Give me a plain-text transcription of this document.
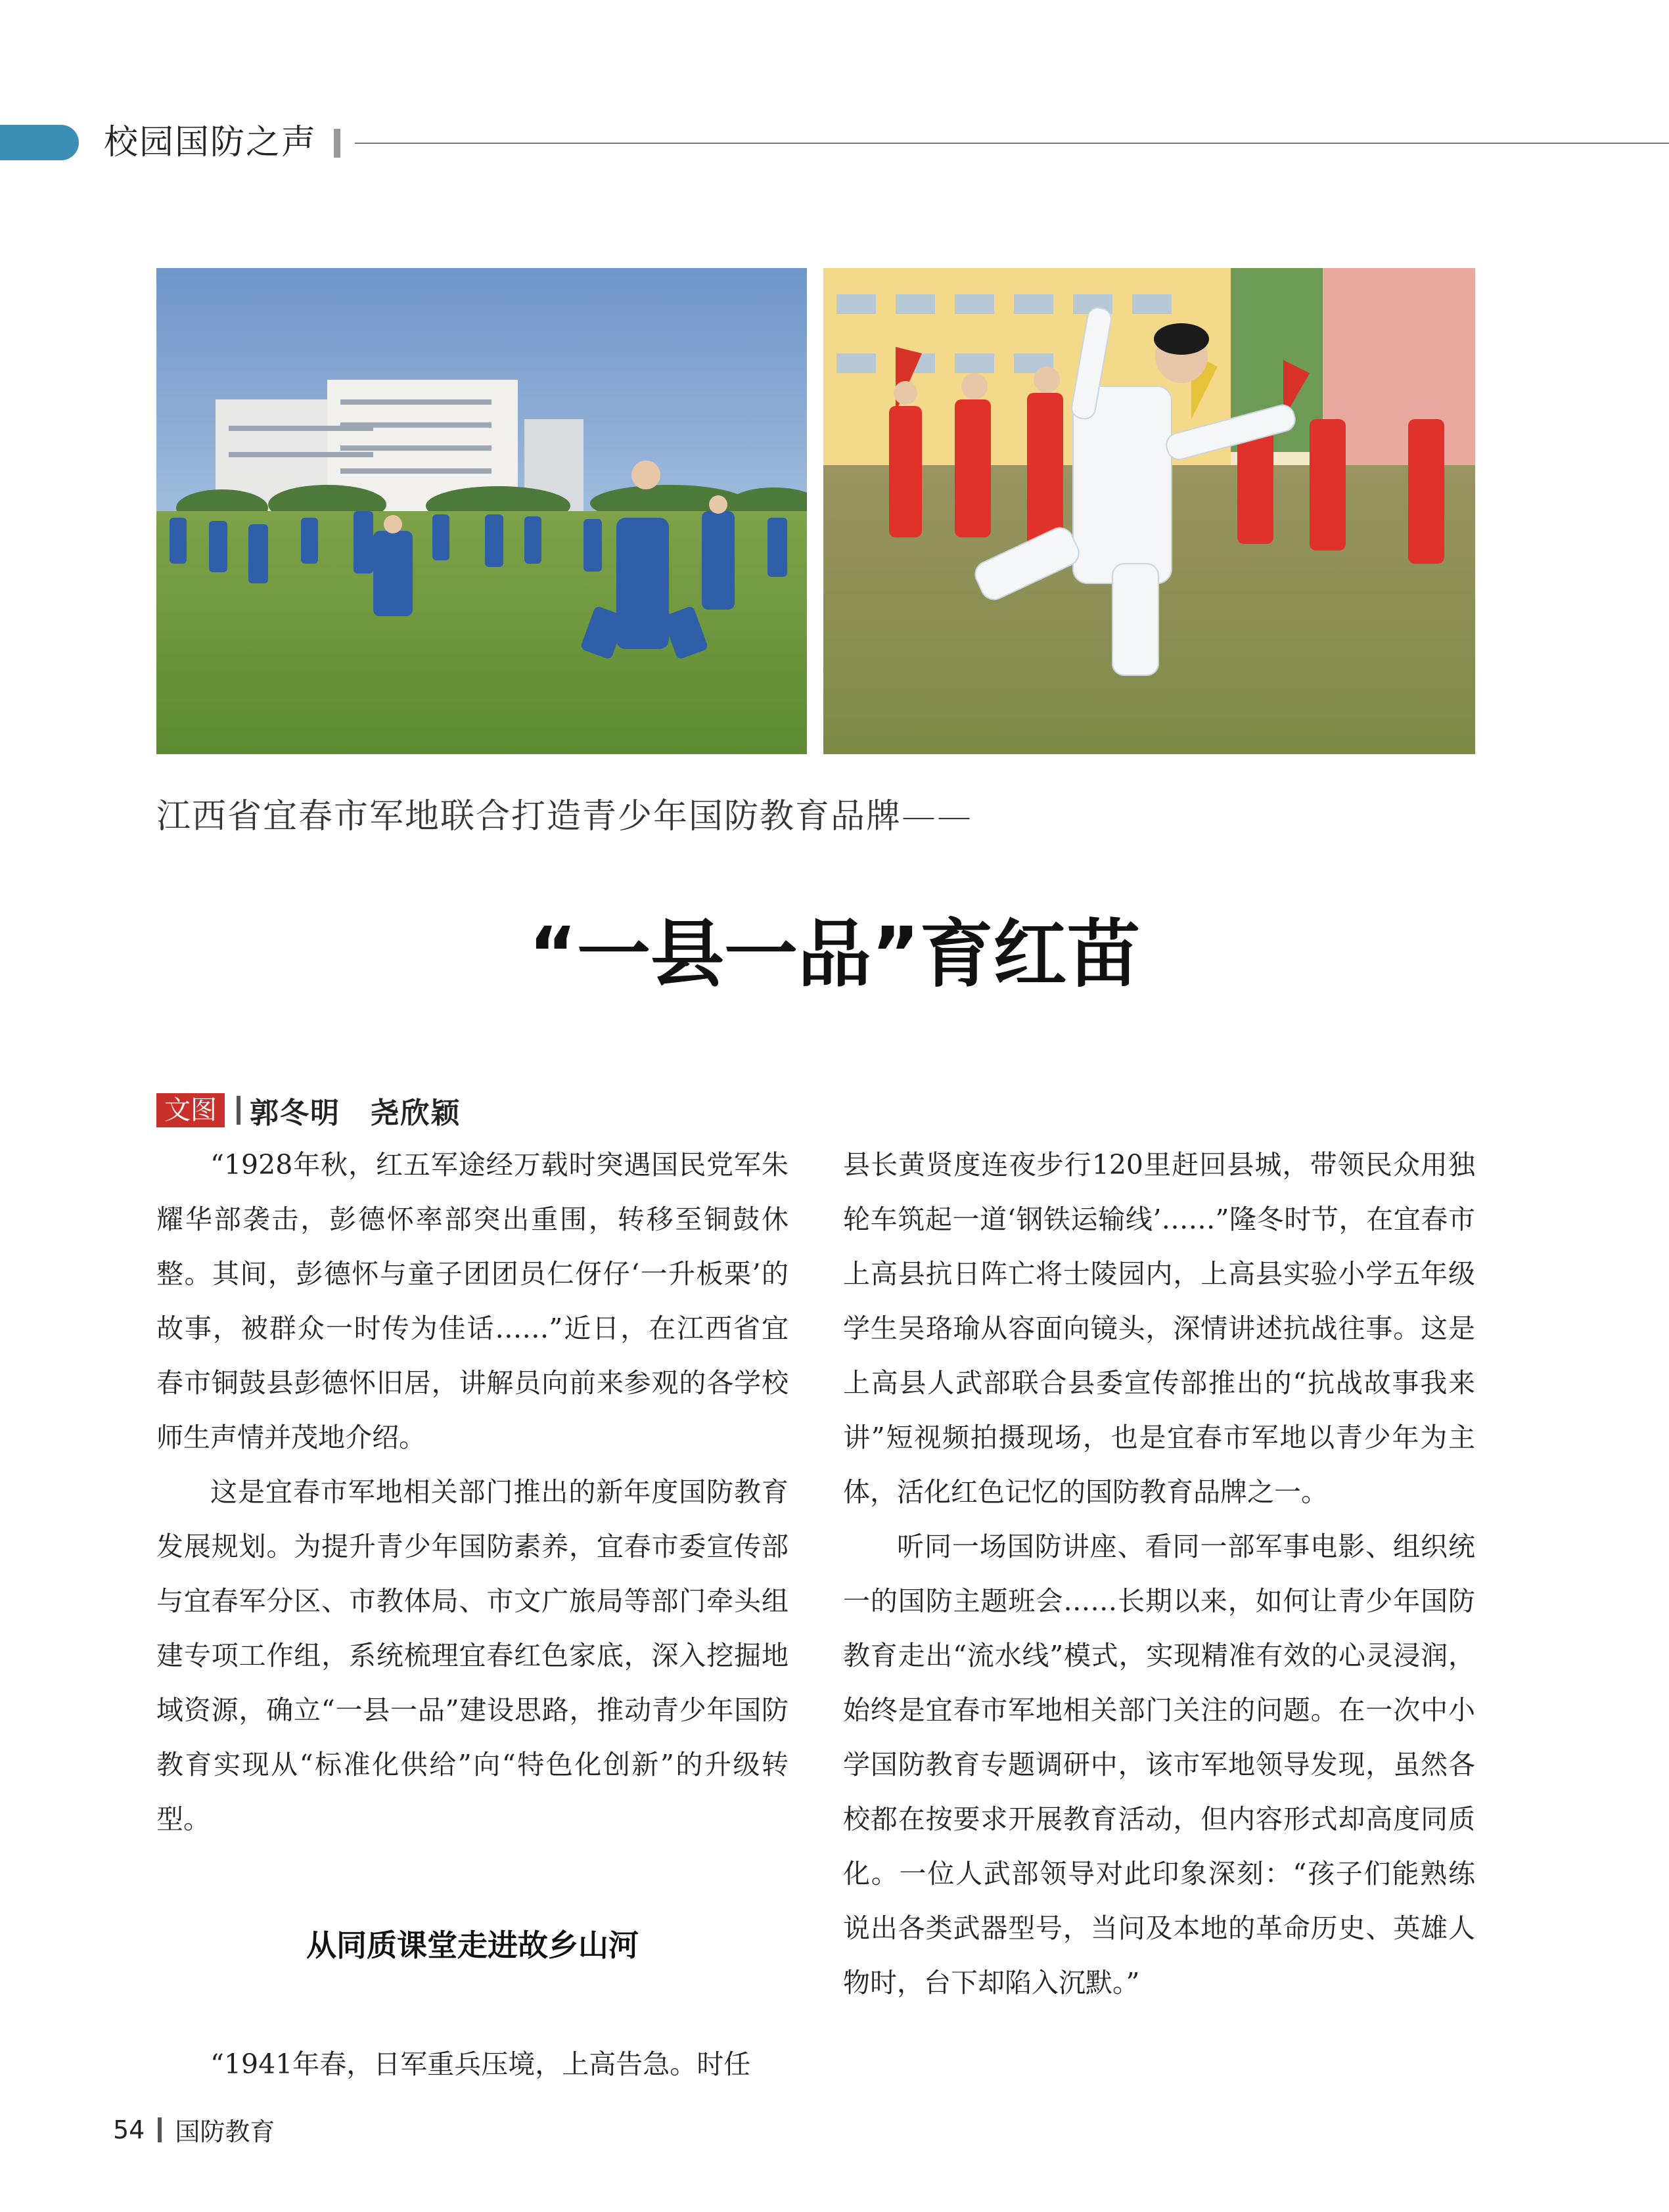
校园国防之声
江西省宜春市军地联合打造青少年国防教育品牌——
“一县一品”育红苗
文图 郭冬明 尧欣颖

“1928年秋，红五军途经万载时突遇国民党军朱耀华部袭击，彭德怀率部突出重围，转移至铜鼓休整。其间，彭德怀与童子团团员仁伢仔‘一升板栗’的故事，被群众一时传为佳话……”近日，在江西省宜春市铜鼓县彭德怀旧居，讲解员向前来参观的各学校师生声情并茂地介绍。

这是宜春市军地相关部门推出的新年度国防教育发展规划。为提升青少年国防素养，宜春市委宣传部与宜春军分区、市教体局、市文广旅局等部门牵头组建专项工作组，系统梳理宜春红色家底，深入挖掘地域资源，确立“一县一品”建设思路，推动青少年国防教育实现从“标准化供给”向“特色化创新”的升级转型。

从同质课堂走进故乡山河

“1941年春，日军重兵压境，上高告急。时任

县长黄贤度连夜步行120里赶回县城，带领民众用独轮车筑起一道‘钢铁运输线’……”隆冬时节，在宜春市上高县抗日阵亡将士陵园内，上高县实验小学五年级学生吴珞瑜从容面向镜头，深情讲述抗战往事。这是上高县人武部联合县委宣传部推出的“抗战故事我来讲”短视频拍摄现场，也是宜春市军地以青少年为主体，活化红色记忆的国防教育品牌之一。

听同一场国防讲座、看同一部军事电影、组织统一的国防主题班会……长期以来，如何让青少年国防教育走出“流水线”模式，实现精准有效的心灵浸润，始终是宜春市军地相关部门关注的问题。在一次中小学国防教育专题调研中，该市军地领导发现，虽然各校都在按要求开展教育活动，但内容形式却高度同质化。一位人武部领导对此印象深刻：“孩子们能熟练说出各类武器型号，当问及本地的革命历史、英雄人物时，台下却陷入沉默。”

54 国防教育
